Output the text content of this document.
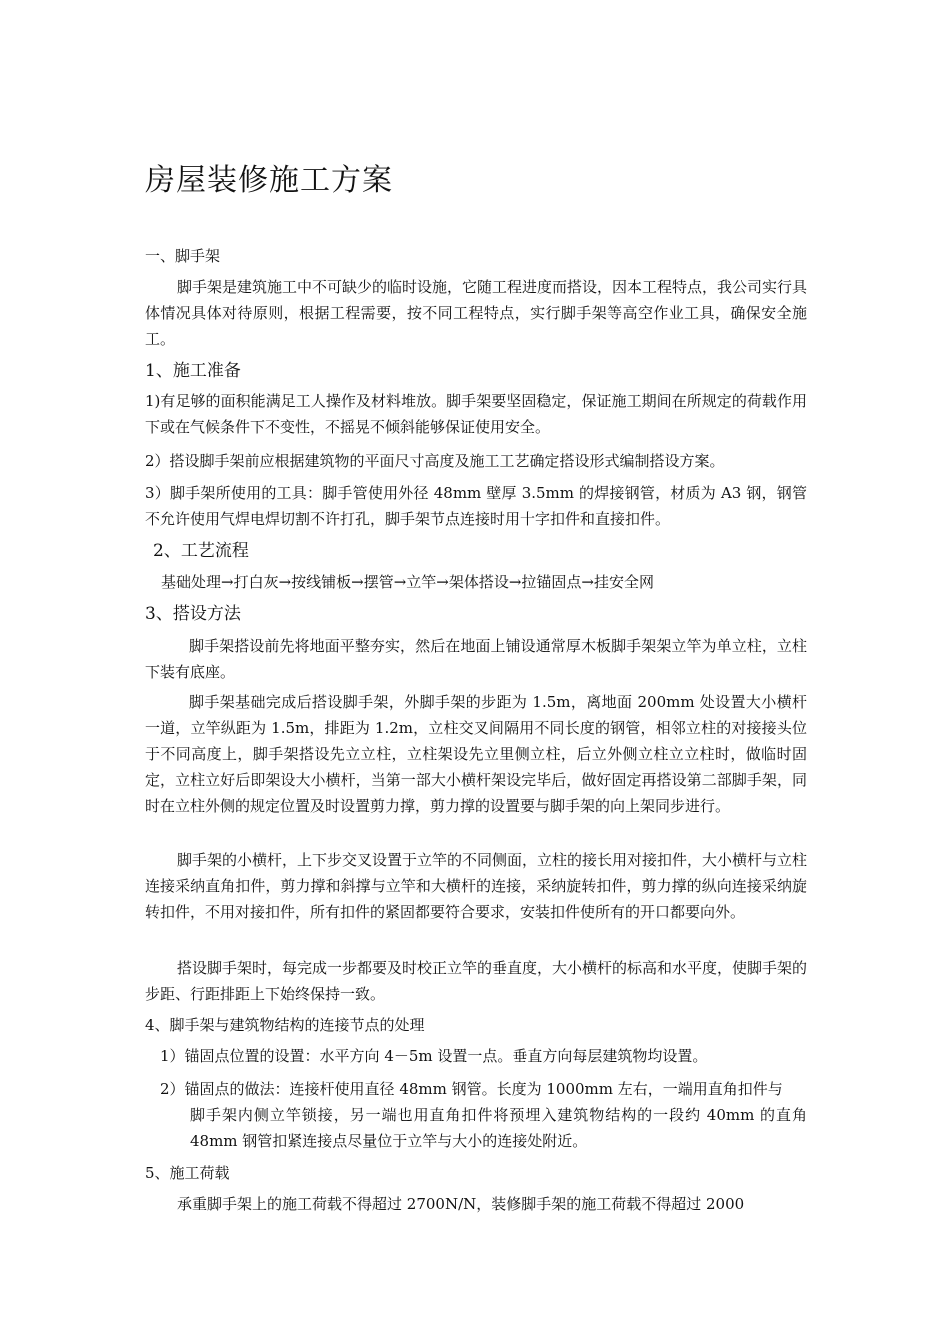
房屋装修施工方案
一、脚手架
脚手架是建筑施工中不可缺少的临时设施，它随工程进度而搭设，因本工程特点，我公司实行具体情况具体对待原则，根据工程需要，按不同工程特点，实行脚手架等高空作业工具，确保安全施工。
1、施工准备
1)有足够的面积能满足工人操作及材料堆放。脚手架要坚固稳定，保证施工期间在所规定的荷载作用下或在气候条件下不变性，不摇晃不倾斜能够保证使用安全。
2）搭设脚手架前应根据建筑物的平面尺寸高度及施工工艺确定搭设形式编制搭设方案。
3）脚手架所使用的工具：脚手管使用外径 48mm 壁厚 3.5mm 的焊接钢管，材质为 A3 钢，钢管不允许使用气焊电焊切割不许打孔，脚手架节点连接时用十字扣件和直接扣件。
2、工艺流程
基础处理→打白灰→按线铺板→摆管→立竿→架体搭设→拉锚固点→挂安全网
3、搭设方法
脚手架搭设前先将地面平整夯实，然后在地面上铺设通常厚木板脚手架架立竿为单立柱，立柱下装有底座。
脚手架基础完成后搭设脚手架，外脚手架的步距为 1.5m，离地面 200mm 处设置大小横杆一道，立竿纵距为 1.5m，排距为 1.2m，立柱交叉间隔用不同长度的钢管，相邻立柱的对接接头位于不同高度上，脚手架搭设先立立柱，立柱架设先立里侧立柱，后立外侧立柱立立柱时，做临时固定，立柱立好后即架设大小横杆，当第一部大小横杆架设完毕后，做好固定再搭设第二部脚手架，同时在立柱外侧的规定位置及时设置剪力撑，剪力撑的设置要与脚手架的向上架同步进行。
脚手架的小横杆，上下步交叉设置于立竿的不同侧面，立柱的接长用对接扣件，大小横杆与立柱连接采纳直角扣件，剪力撑和斜撑与立竿和大横杆的连接，采纳旋转扣件，剪力撑的纵向连接采纳旋转扣件，不用对接扣件，所有扣件的紧固都要符合要求，安装扣件使所有的开口都要向外。
搭设脚手架时，每完成一步都要及时校正立竿的垂直度，大小横杆的标高和水平度，使脚手架的步距、行距排距上下始终保持一致。
4、脚手架与建筑物结构的连接节点的处理
1）锚固点位置的设置：水平方向 4－5m 设置一点。垂直方向每层建筑物均设置。
2）锚固点的做法：连接杆使用直径 48mm 钢管。长度为 1000mm 左右，一端用直角扣件与
脚手架内侧立竿锁接，另一端也用直角扣件将预埋入建筑物结构的一段约 40mm 的直角 48mm 钢管扣紧连接点尽量位于立竿与大小的连接处附近。
5、施工荷载
承重脚手架上的施工荷载不得超过 2700N/N，装修脚手架的施工荷载不得超过 2000
